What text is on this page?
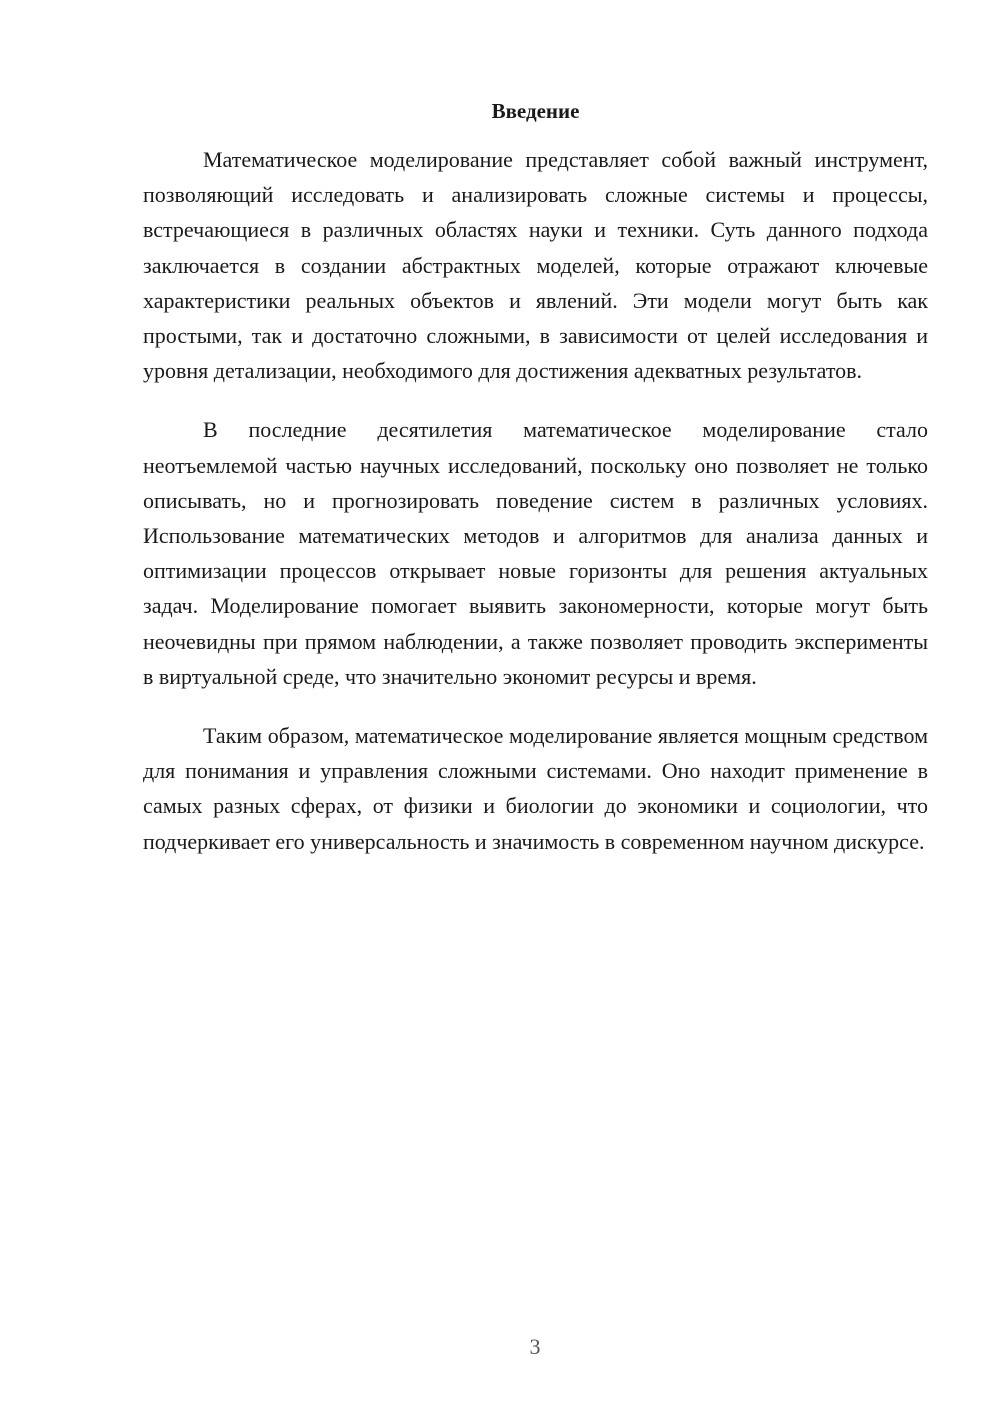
Введение

Математическое моделирование представляет собой важный инструмент, позволяющий исследовать и анализировать сложные системы и процессы, встречающиеся в различных областях науки и техники. Суть данного подхода заключается в создании абстрактных моделей, которые отражают ключевые характеристики реальных объектов и явлений. Эти модели могут быть как простыми, так и достаточно сложными, в зависимости от целей исследования и уровня детализации, необходимого для достижения адекватных результатов.

В последние десятилетия математическое моделирование стало неотъемлемой частью научных исследований, поскольку оно позволяет не только описывать, но и прогнозировать поведение систем в различных условиях. Использование математических методов и алгоритмов для анализа данных и оптимизации процессов открывает новые горизонты для решения актуальных задач. Моделирование помогает выявить закономерности, которые могут быть неочевидны при прямом наблюдении, а также позволяет проводить эксперименты в виртуальной среде, что значительно экономит ресурсы и время.

Таким образом, математическое моделирование является мощным средством для понимания и управления сложными системами. Оно находит применение в самых разных сферах, от физики и биологии до экономики и социологии, что подчеркивает его универсальность и значимость в современном научном дискурсе.

3
